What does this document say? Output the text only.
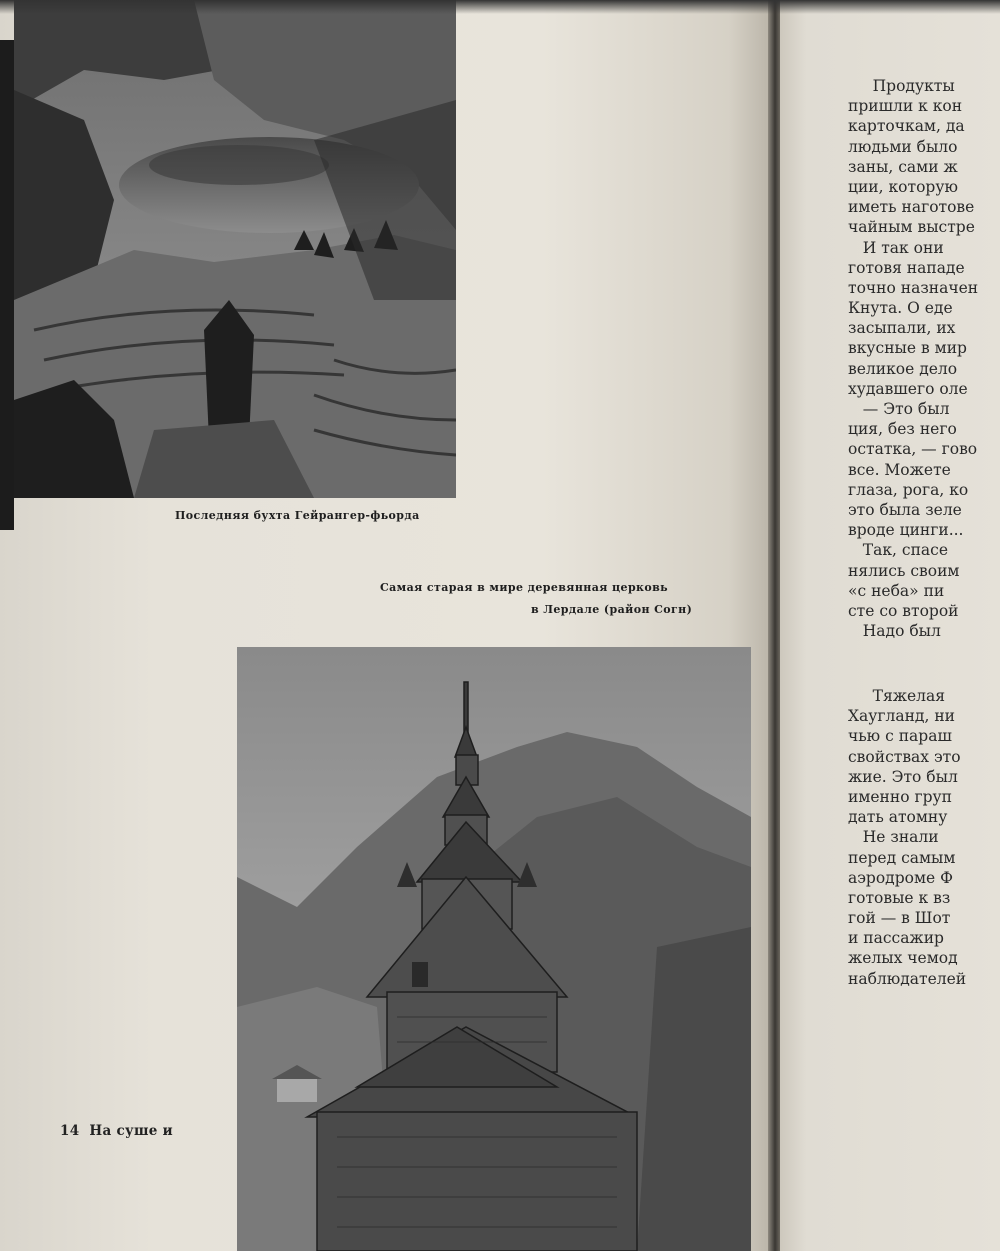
Последняя бухта Гейрангер-фьорда
Самая старая в мире деревянная церковь
в Лердале (район Согн)
Продукты
пришли к кон
карточкам, да
людьми было
заны, сами ж
ции, которую
иметь наготове
чайным выстре
И так они
готовя нападе
точно назначен
Кнута. О еде
засыпали, их
вкусные в мир
великое дело
худавшего оле
— Это был
ция, без него
остатка, — гово
все. Можете
глаза, рога, ко
это была зеле
вроде цинги...
Так, спасе
нялись своим
«с неба» пи
сте со второй
Надо был
Тяжелая
Хаугланд, ни
чью с параш
свойствах это
жие. Это был
именно груп
дать атомну
Не знали
перед самым
аэродроме Ф
готовые к вз
гой — в Шот
и пассажир
желых чемод
наблюдателей
14 На суше и
